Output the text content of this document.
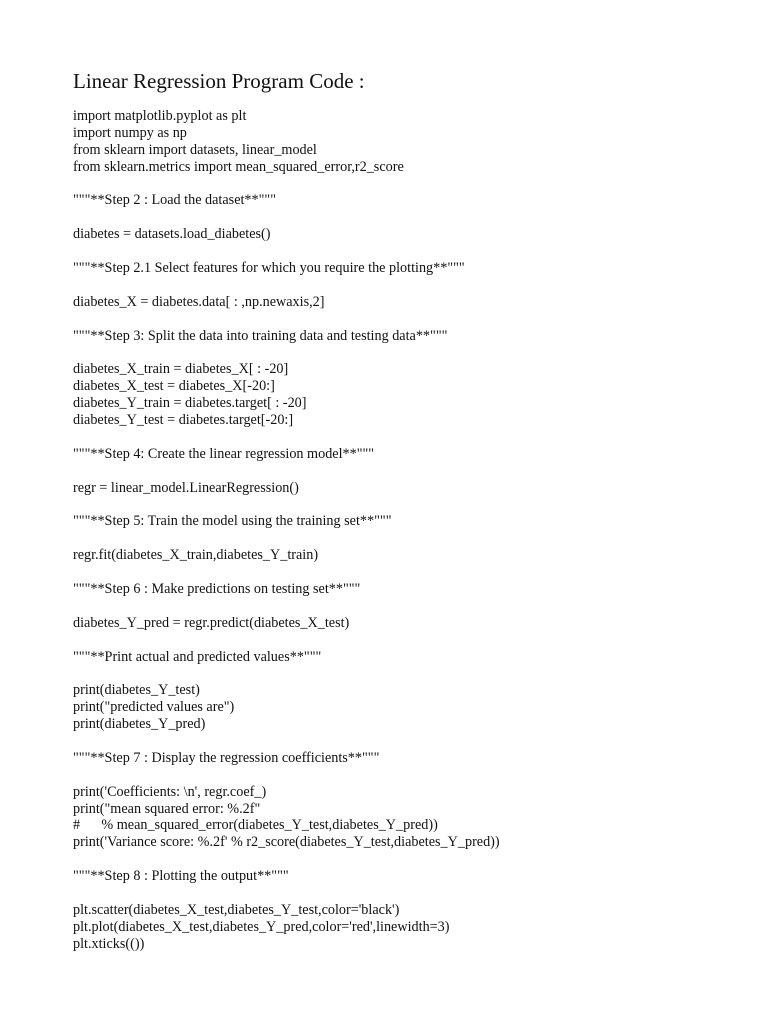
Linear Regression Program Code :
import matplotlib.pyplot as plt
import numpy as np
from sklearn import datasets, linear_model
from sklearn.metrics import mean_squared_error,r2_score
"""**Step 2 : Load the dataset**"""
diabetes = datasets.load_diabetes()
"""**Step 2.1 Select features for which you require the plotting**"""
diabetes_X = diabetes.data[ : ,np.newaxis,2]
"""**Step 3: Split the data into training data and testing data**"""
diabetes_X_train = diabetes_X[ : -20]
diabetes_X_test = diabetes_X[-20:]
diabetes_Y_train = diabetes.target[ : -20]
diabetes_Y_test = diabetes.target[-20:]
"""**Step 4: Create the linear regression model**"""
regr = linear_model.LinearRegression()
"""**Step 5: Train the model using the training set**"""
regr.fit(diabetes_X_train,diabetes_Y_train)
"""**Step 6 : Make predictions on testing set**"""
diabetes_Y_pred = regr.predict(diabetes_X_test)
"""**Print actual and predicted values**"""
print(diabetes_Y_test)
print("predicted values are")
print(diabetes_Y_pred)
"""**Step 7 : Display the regression coefficients**"""
print('Coefficients: \n', regr.coef_)
print("mean squared error: %.2f"
#      % mean_squared_error(diabetes_Y_test,diabetes_Y_pred))
print('Variance score: %.2f' % r2_score(diabetes_Y_test,diabetes_Y_pred))
"""**Step 8 : Plotting the output**"""
plt.scatter(diabetes_X_test,diabetes_Y_test,color='black')
plt.plot(diabetes_X_test,diabetes_Y_pred,color='red',linewidth=3)
plt.xticks(())
